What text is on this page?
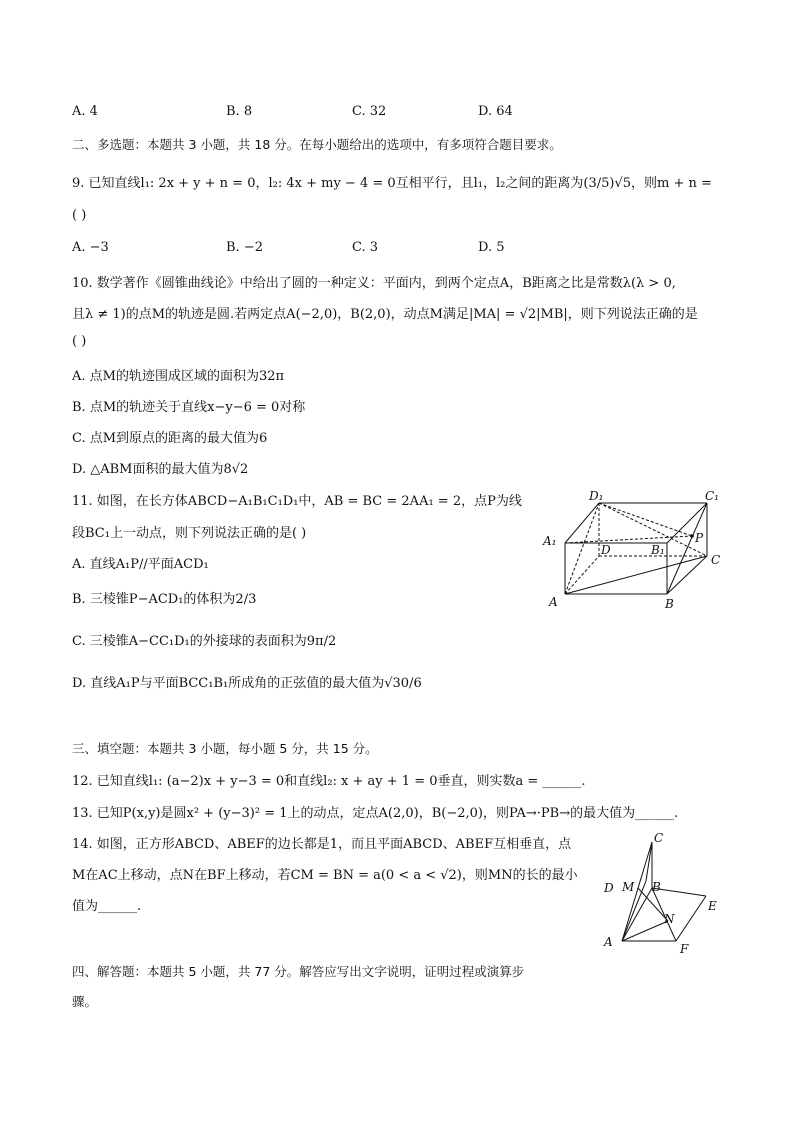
A. 4	B. 8	C. 32	D. 64
二、多选题：本题共 3 小题，共 18 分。在每小题给出的选项中，有多项符合题目要求。
9. 已知直线l₁: 2x + y + n = 0，l₂: 4x + my − 4 = 0互相平行，且l₁，l₂之间的距离为(3/5)√5，则m + n =
( )
A. −3	B. −2	C. 3	D. 5
10. 数学著作《圆锥曲线论》中给出了圆的一种定义：平面内，到两个定点A，B距离之比是常数λ(λ > 0,
且λ ≠ 1)的点M的轨迹是圆.若两定点A(−2,0)，B(2,0)，动点M满足|MA| = √2|MB|，则下列说法正确的是
( )
A. 点M的轨迹围成区域的面积为32π
B. 点M的轨迹关于直线x−y−6 = 0对称
C. 点M到原点的距离的最大值为6
D. △ABM面积的最大值为8√2
11. 如图，在长方体ABCD−A₁B₁C₁D₁中，AB = BC = 2AA₁ = 2，点P为线
段BC₁上一动点，则下列说法正确的是( )
A. 直线A₁P//平面ACD₁
B. 三棱锥P−ACD₁的体积为2/3
C. 三棱锥A−CC₁D₁的外接球的表面积为9π/2
D. 直线A₁P与平面BCC₁B₁所成角的正弦值的最大值为√30/6
D₁	C₁
A₁
D	B₁
P
C
A	B
三、填空题：本题共 3 小题，每小题 5 分，共 15 分。
12. 已知直线l₁: (a−2)x + y−3 = 0和直线l₂: x + ay + 1 = 0垂直，则实数a = ______.
13. 已知P(x,y)是圆x² + (y−3)² = 1上的动点，定点A(2,0)，B(−2,0)，则PA→·PB→的最大值为______.
14. 如图，正方形ABCD、ABEF的边长都是1，而且平面ABCD、ABEF互相垂直，点
M在AC上移动，点N在BF上移动，若CM = BN = a(0 < a < √2)，则MN的长的最小
值为______.
C
D M B
E
N
A	F
四、解答题：本题共 5 小题，共 77 分。解答应写出文字说明，证明过程或演算步
骤。
